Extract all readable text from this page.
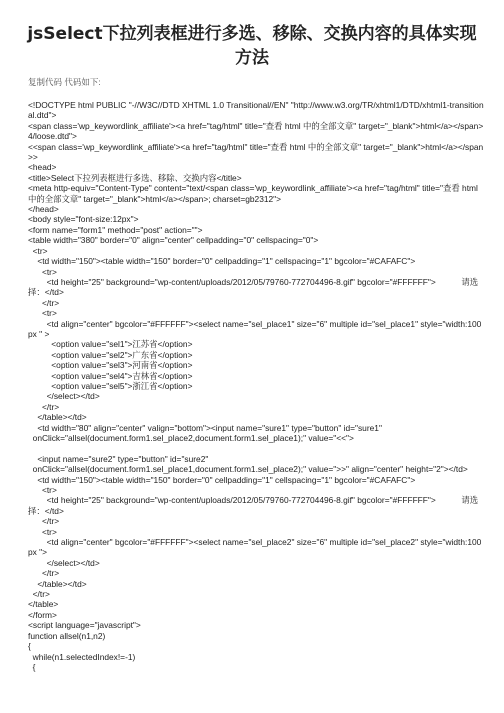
jsSelect下拉列表框进行多选、移除、交换内容的具体实现方法
复制代码 代码如下:
<!DOCTYPE html PUBLIC "-//W3C//DTD XHTML 1.0 Transitional//EN" "http://www.w3.org/TR/xhtml1/DTD/xhtml1-transitional.dtd">
<span class='wp_keywordlink_affiliate'><a href="tag/html" title="查看 html 中的全部文章" target="_blank">html</a></span>4/loose.dtd">
<<span class='wp_keywordlink_affiliate'><a href="tag/html" title="查看 html 中的全部文章" target="_blank">html</a></span>>
<head>
<title>Select下拉列表框进行多选、移除、交换内容</title>
<meta http-equiv="Content-Type" content="text/<span class='wp_keywordlink_affiliate'><a href="tag/html" title="查看 html 中的全部文章" target="_blank">html</a></span>; charset=gb2312">
</head>
<body style="font-size:12px">
<form name="form1" method="post" action="">
<table width="380" border="0" align="center" cellpadding="0" cellspacing="0">
<tr>
<td width="150"><table width="150" border="0" cellpadding="1" cellspacing="1" bgcolor="#CAFAFC">
<tr>
<td height="25" background="wp-content/uploads/2012/05/79760-772704496-8.gif" bgcolor="#FFFFFF">           请选择：</td>
</tr>
<tr>
<td align="center" bgcolor="#FFFFFF"><select name="sel_place1" size="6" multiple id="sel_place1" style="width:100px " >
<option value="sel1">江苏省</option>
<option value="sel2">广东省</option>
<option value="sel3">河南省</option>
<option value="sel4">吉林省</option>
<option value="sel5">浙江省</option>
</select></td>
</tr>
</table></td>
<td width="80" align="center" valign="bottom"><input name="sure1" type="button" id="sure1"
onClick="allsel(document.form1.sel_place2,document.form1.sel_place1);" value="<<">
<input name="sure2" type="button" id="sure2"
onClick="allsel(document.form1.sel_place1,document.form1.sel_place2);" value=">>" align="center" height="2"></td>
<td width="150"><table width="150" border="0" cellpadding="1" cellspacing="1" bgcolor="#CAFAFC">
<tr>
<td height="25" background="wp-content/uploads/2012/05/79760-772704496-8.gif" bgcolor="#FFFFFF">           请选择：</td>
</tr>
<tr>
<td align="center" bgcolor="#FFFFFF"><select name="sel_place2" size="6" multiple id="sel_place2" style="width:100px ">
</select></td>
</tr>
</table></td>
</tr>
</table>
</form>
<script language="javascript">
function allsel(n1,n2)
{
while(n1.selectedIndex!=-1)
{
